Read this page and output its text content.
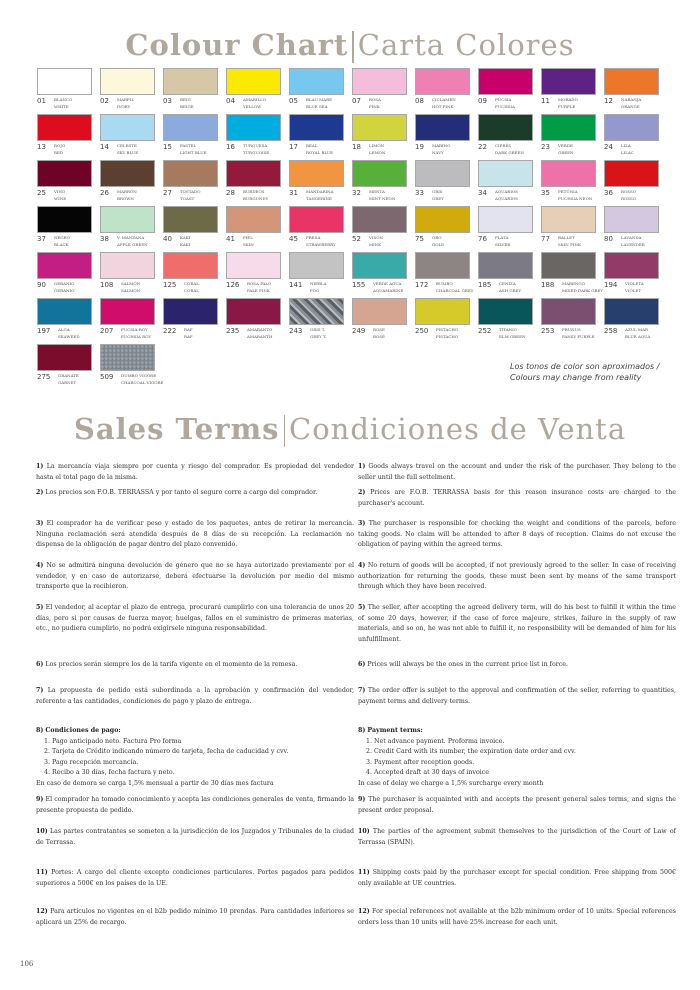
Colour Chart Carta Colores
01 BLANCO
WHITE
02 MARFIL
IVORY
03 BEIG
BEIGE
04 AMARILLO
YELLOW
05 BLAU MARE
BLUE SEA
07 ROSA
PINK
08 CICLAMEN
HOT PINK
09 FÚCSIA
FUCHSIA
11 MORADO
PURPLE
12 NARANJA
ORANGE
13 ROJO
RED
14 CELESTE
SKY BLUE
15 PASTEL
LIGHT BLUE
16 TURQUESA
TURQUOISE
17 REAL
ROYAL BLUE
18 LIMÓN
LEMON
19 MARINO
NAVY
22 CIPRÉS
DARK GREEN
23 VERDE
GREEN
24 LILA
LILAC
25 VINO
WINE
26 MARRÓN
BROWN
27 TOSTADO
TOAST
28 BURDEOS
BURGUNDY
31 MANDARINA
TANGERINE
32 MENTA
MINT NEON
33 GRIS
GREY
34 AQUARIOS
AQUARIOS
35 PETÚNIA
FUCHSIA NEON
36 ROSSO
ROSSO
37 NEGRO
BLACK
38 V. MANZANA
APPLE GREEN
40 KAKI
KAKI
41 PIEL
SKIN
45 FRESA
STRAWBERRY
52 VISÓN
MINK
75 ORO
GOLD
76 PLATA
SILVER
77 BALLET
SKIN PINK
80 LAVANDA
LAVENDER
90 GERANIO
GERANIO
108 SALMÓN
SALMON
125 CORAL
CORAL
126 ROSA PALO
PALE PINK
141 NIEBLA
FOG
155 VERDE AGUA
AQUAMARINE
172 BUMBO
CHARCOAL GREY
185 CENIZA
ASH GREY
188 MARENGO
MIXED DARK GREY
194 VIOLETA
VIOLET
197 ALGA
SEAWEED
207 FUCSIA ROY
FUCHSIA ROY
222 RAF
RAF
235 AMARANTO
AMARANTH
243 GRIS T.
GREY T.
249 ROSE
ROSÉ
250 PISTACHO
PISTACHO
252 TITANIO
ELM GREEN
253 PRUNUS
PANSY PURPLE
258 AZUL MAR
BLUE AQUA
275 GRANATE
GARNET
509 DUMBO VIGORE
CHARCOAL VIGORE
Los tonos de color son aproximados /
Colours may change from reality
Sales Terms Condiciones de Venta
1) La mercancía viaja siempre por cuenta y riesgo del comprador. Es propiedad del vendedor hasta el total pago de la misma.
2) Los precios son F.O.B. TERRASSA y por tanto el seguro corre a cargo del comprador.
3) El comprador ha de verificar peso y estado de los paquetes, antes de retirar la mercancía. Ninguna reclamación será atendida después de 8 días de su recepción. La reclamación no dispensa de la obligación de pagar dentro del plazo convenido.
4) No se admitirá ninguna devolución de género que no se haya autorizado previamente por el vendedor, y en caso de autorizarse, deberá efectuarse la devolución por medio del mismo transporte que la recibieron.
5) El vendedor, al aceptar el plazo de entrega, procurará cumplirlo con una tolerancia de unos 20 días, pero si por causas de fuerza mayor, huelgas, fallos en el suministro de primeras materias, etc., no pudiera cumplirlo, no podrá exigírsele ninguna responsabilidad.
6) Los precios serán siempre los de la tarifa vigente en el momento de la remesa.
7) La propuesta de pedido está subordinada a la aprobación y confirmación del vendedor, referente a las cantidades, condiciones de pago y plazo de entrega.
8) Condiciones de pago:
1. Pago anticipado neto. Factura Pro forma
2. Tarjeta de Crédito indicando número de tarjeta, fecha de caducidad y cvv.
3. Pago recepción mercancía.
4. Recibo a 30 días, fecha factura y neto.
En caso de demora se carga 1,5% mensual a partir de 30 días mes factura
9) El comprador ha tomado conocimiento y acepta las condiciones generales de venta, firmando la presente propuesta de pedido.
10) Las partes contratantes se someten a la jurisdicción de los Juzgados y Tribunales de la ciudad de Terrassa.
11) Portes: A cargo del cliente excepto condiciones particulares. Portes pagados para pedidos superiores a 500€ en los países de la UE.
12) Para artículos no vigentes en el b2b pedido mínimo 10 prendas. Para cantidades inferiores se aplicará un 25% de recargo.
1) Goods always travel on the account and under the risk of the purchaser. They belong to the seller until the full settelment.
2) Prices are F.O.B. TERRASSA basis for this reason insurance costs are charged to the purchaser's account.
3) The purchaser is responsible for checking the weight and conditions of the parcels, before taking goods. No claim will be attended to after 8 days of reception. Claims do not excuse the obligation of paying within the agreed terms.
4) No return of goods will be accepted, if not previously agreed to the seller. In case of receiving authorization for returning the goods, these must been sent by means of the same transport through which they have been received.
5) The seller, after accepting the agreed delivery term, will do his best to fulfill it within the time of some 20 days, however, if the case of force majeure, strikes, failure in the supply of raw materials, and so on, he was not able to fulfill it, no responsibility will be demanded of him for his unfulfillment.
6) Prices will always be the ones in the current price list in force.
7) The order offer is subjet to the approval and confirmation of the seller, referring to quantities, payment terms and delivery terms.
8) Payment terms:
1. Net advance payment. Proforma invoice.
2. Credit Card with its number, the expiration date order and cvv.
3. Payment after reception goods.
4. Accepted draft at 30 days of invoice
In case of delay we charge a 1,5% surcharge every month
9) The purchaser is acquainted with and accepts the present general sales terms, and signs the present order proposal.
10) The parties of the agreement submit themselves to the jurisdiction of the Court of Law of Terrassa (SPAIN).
11) Shipping costs paid by the purchaser except for special condition. Free shipping from 500€ only available at UE countries.
12) For special references not available at the b2b minimum order of 10 units. Special references orders less than 10 units will have 25% increase for each unit.
106
